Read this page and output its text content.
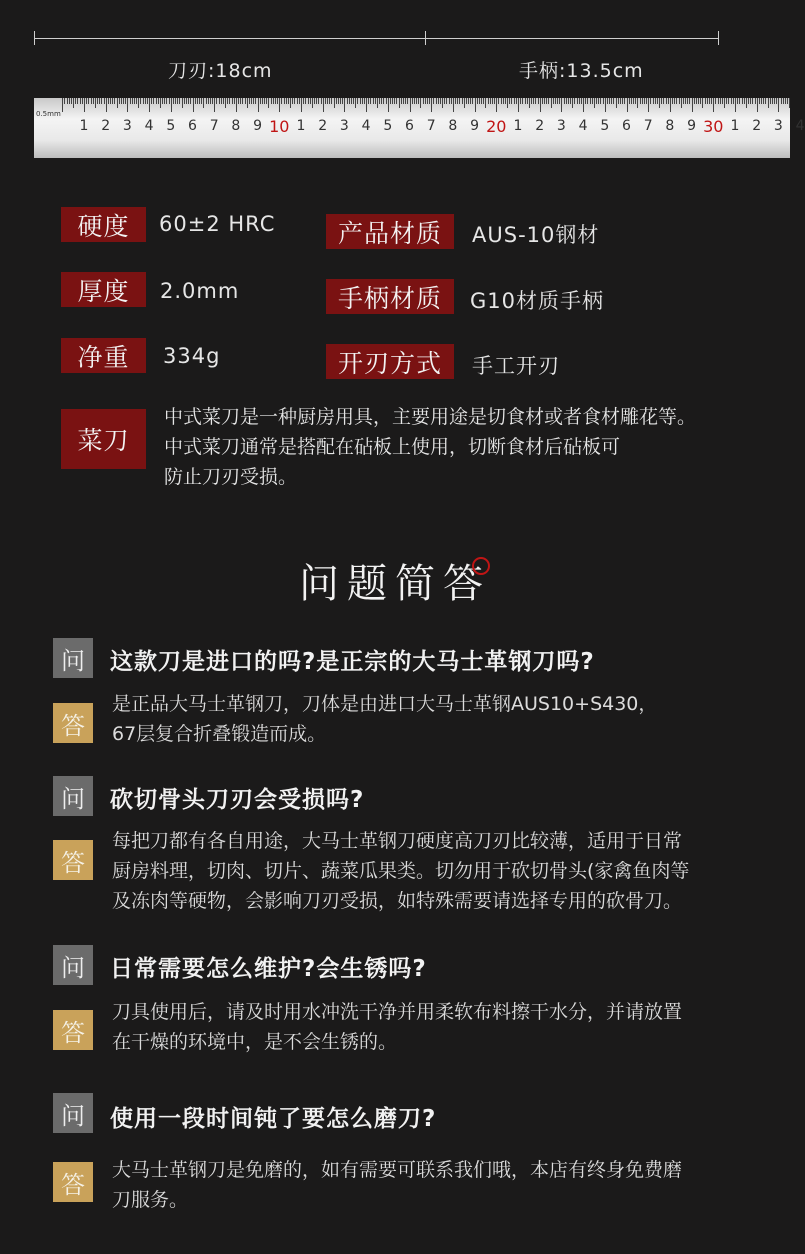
刀刃:18cm	手柄:13.5cm
0.5mm
1 2 3 4 5 6 7 8 9 10 1 2 3 4 5 6 7 8 9 20 1 2 3 4 5 6 7 8 9 30 1 2 3 4
硬度	60±2 HRC	产品材质	AUS-10钢材
厚度	2.0mm	手柄材质	G10材质手柄
净重	334g	开刃方式	手工开刃
菜刀
中式菜刀是一种厨房用具，主要用途是切食材或者食材雕花等。
中式菜刀通常是搭配在砧板上使用，切断食材后砧板可
防止刀刃受损。
问题简答
问	这款刀是进口的吗?是正宗的大马士革钢刀吗?
答
是正品大马士革钢刀，刀体是由进口大马士革钢AUS10+S430，
67层复合折叠锻造而成。
问	砍切骨头刀刃会受损吗?
答
每把刀都有各自用途，大马士革钢刀硬度高刀刃比较薄，适用于日常
厨房料理，切肉、切片、蔬菜瓜果类。切勿用于砍切骨头(家禽鱼肉等
及冻肉等硬物，会影响刀刃受损，如特殊需要请选择专用的砍骨刀。
问	日常需要怎么维护?会生锈吗?
答
刀具使用后，请及时用水冲洗干净并用柔软布料擦干水分，并请放置
在干燥的环境中，是不会生锈的。
问	使用一段时间钝了要怎么磨刀?
答
大马士革钢刀是免磨的，如有需要可联系我们哦，本店有终身免费磨
刀服务。
